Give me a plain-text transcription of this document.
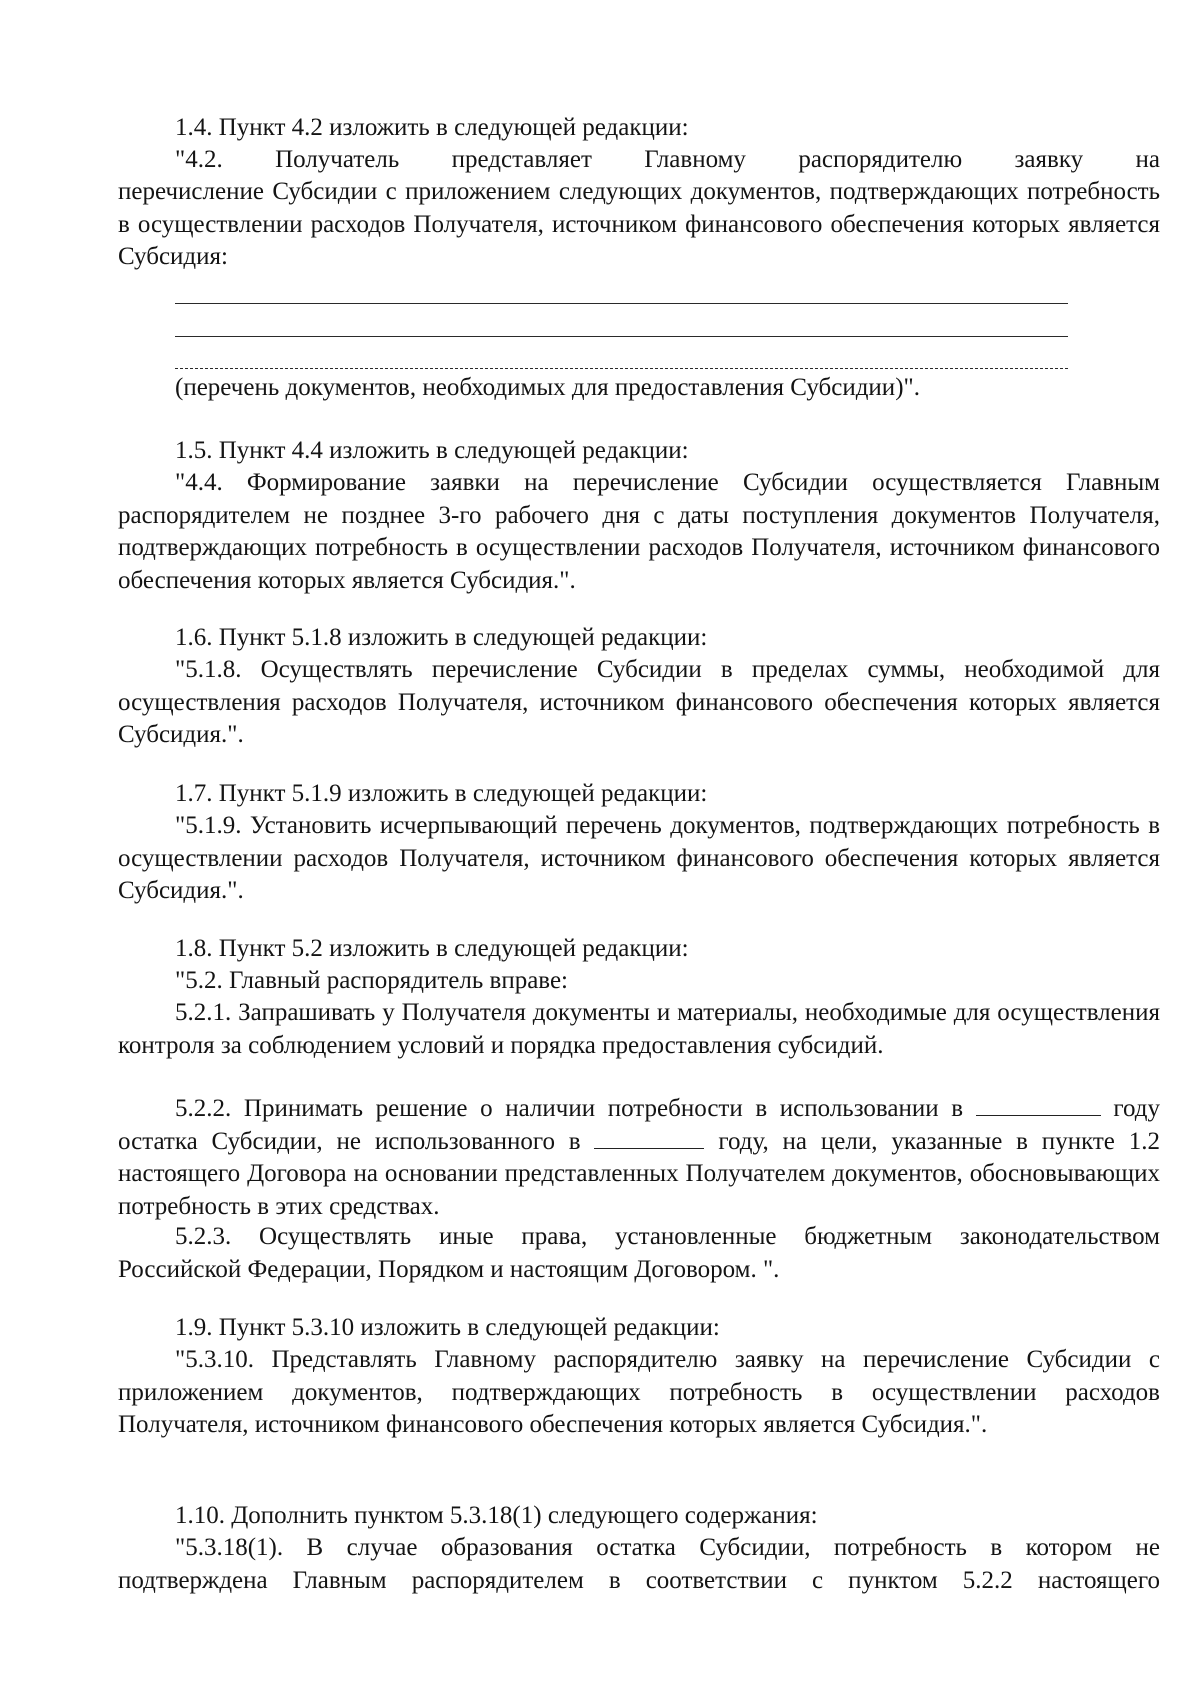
1.4. Пункт 4.2 изложить в следующей редакции:

"4.2. Получатель представляет Главному распорядителю заявку на

перечисление Субсидии с приложением следующих документов, подтверждающих потребность в осуществлении расходов Получателя, источником финансового обеспечения которых является Субсидия:

(перечень документов, необходимых для предоставления Субсидии)".

1.5. Пункт 4.4 изложить в следующей редакции:

"4.4. Формирование заявки на перечисление Субсидии осуществляется Главным распорядителем не позднее 3-го рабочего дня с даты поступления документов Получателя, подтверждающих потребность в осуществлении расходов Получателя, источником финансового обеспечения которых является Субсидия.".

1.6. Пункт 5.1.8 изложить в следующей редакции:

"5.1.8. Осуществлять перечисление Субсидии в пределах суммы, необходимой для осуществления расходов Получателя, источником финансового обеспечения которых является Субсидия.".

1.7. Пункт 5.1.9 изложить в следующей редакции:

"5.1.9. Установить исчерпывающий перечень документов, подтверждающих потребность в осуществлении расходов Получателя, источником финансового обеспечения которых является Субсидия.".

1.8. Пункт 5.2 изложить в следующей редакции:

"5.2. Главный распорядитель вправе:

5.2.1. Запрашивать у Получателя документы и материалы, необходимые для осуществления контроля за соблюдением условий и порядка предоставления субсидий.

5.2.2. Принимать решение о наличии потребности в использовании в	году остатка Субсидии, не использованного в	году, на цели, указанные в пункте 1.2 настоящего Договора на основании представленных Получателем документов, обосновывающих потребность в этих средствах.

5.2.3. Осуществлять иные права, установленные бюджетным законодательством Российской Федерации, Порядком и настоящим Договором. ".

1.9. Пункт 5.3.10 изложить в следующей редакции:

"5.3.10. Представлять Главному распорядителю заявку на перечисление Субсидии с приложением документов, подтверждающих потребность в осуществлении расходов Получателя, источником финансового обеспечения которых является Субсидия.".

1.10. Дополнить пунктом 5.3.18(1) следующего содержания:

"5.3.18(1). В случае образования остатка Субсидии, потребность в котором не подтверждена Главным распорядителем в соответствии с пунктом 5.2.2 настоящего
